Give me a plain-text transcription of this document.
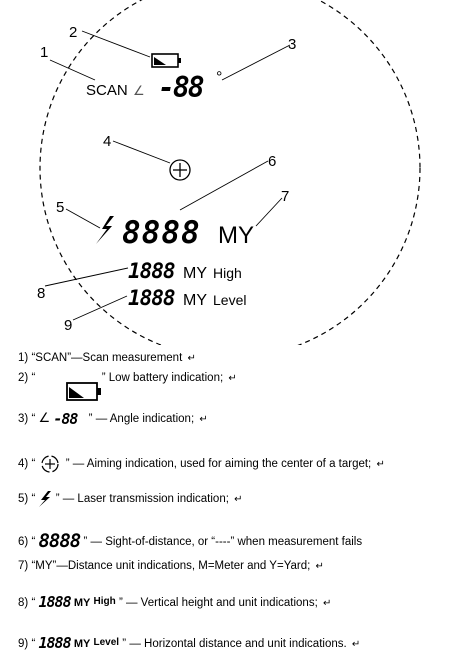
1
2
3
4
5
6
7
8
9
SCAN ∠ -88 °
8888 MY
1888 MY High
1888 MY Level
1) “SCAN”—Scan measurement ↵
2) “	” Low battery indication; ↵
3) “ ∠ -88 ” — Angle indication; ↵
4) “	” — Aiming indication, used for aiming the center of a target; ↵
5) “ ” — Laser transmission indication; ↵
6) “ 8888 ” — Sight-of-distance, or “----” when measurement fails
7) “MY”—Distance unit indications, M=Meter and Y=Yard; ↵
8) “ 1888 MY High ” — Vertical height and unit indications; ↵
9) “ 1888 MY Level ” — Horizontal distance and unit indications. ↵
